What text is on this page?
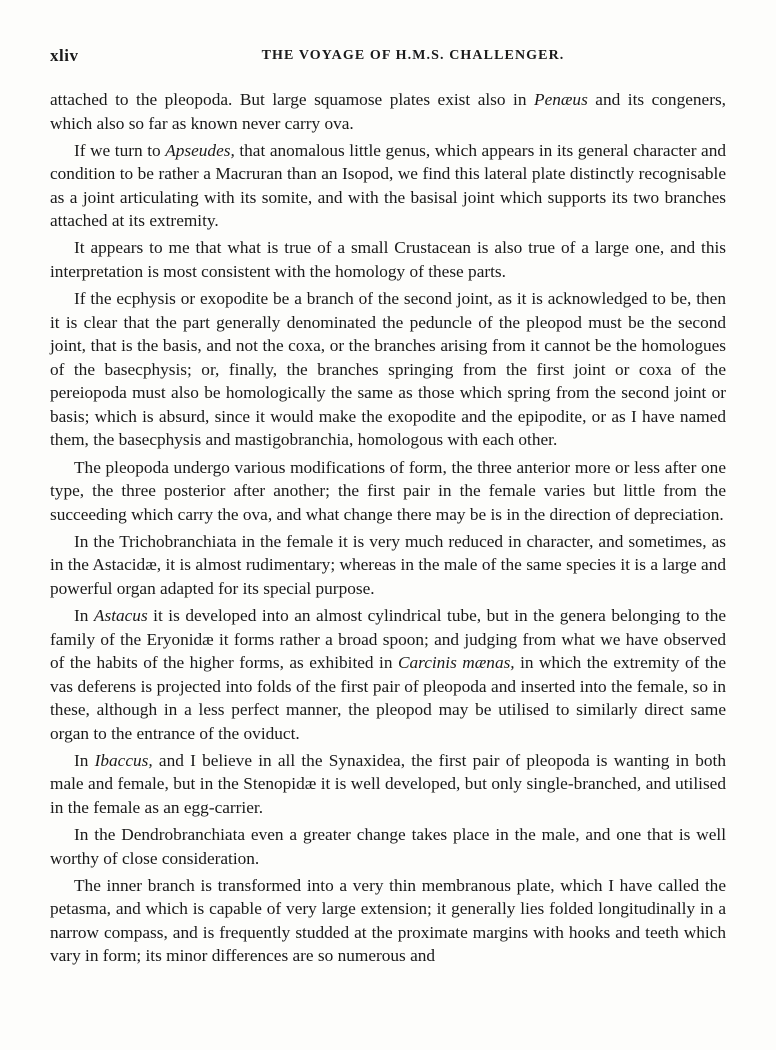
xliv	THE VOYAGE OF H.M.S. CHALLENGER.

attached to the pleopoda. But large squamose plates exist also in Penæus and its congeners, which also so far as known never carry ova.

If we turn to Apseudes, that anomalous little genus, which appears in its general character and condition to be rather a Macruran than an Isopod, we find this lateral plate distinctly recognisable as a joint articulating with its somite, and with the basisal joint which supports its two branches attached at its extremity.

It appears to me that what is true of a small Crustacean is also true of a large one, and this interpretation is most consistent with the homology of these parts.

If the ecphysis or exopodite be a branch of the second joint, as it is acknowledged to be, then it is clear that the part generally denominated the peduncle of the pleopod must be the second joint, that is the basis, and not the coxa, or the branches arising from it cannot be the homologues of the basecphysis; or, finally, the branches springing from the first joint or coxa of the pereiopoda must also be homologically the same as those which spring from the second joint or basis; which is absurd, since it would make the exopodite and the epipodite, or as I have named them, the basecphysis and mastigobranchia, homologous with each other.

The pleopoda undergo various modifications of form, the three anterior more or less after one type, the three posterior after another; the first pair in the female varies but little from the succeeding which carry the ova, and what change there may be is in the direction of depreciation.

In the Trichobranchiata in the female it is very much reduced in character, and sometimes, as in the Astacidæ, it is almost rudimentary; whereas in the male of the same species it is a large and powerful organ adapted for its special purpose.

In Astacus it is developed into an almost cylindrical tube, but in the genera belonging to the family of the Eryonidæ it forms rather a broad spoon; and judging from what we have observed of the habits of the higher forms, as exhibited in Carcinis mænas, in which the extremity of the vas deferens is projected into folds of the first pair of pleopoda and inserted into the female, so in these, although in a less perfect manner, the pleopod may be utilised to similarly direct same organ to the entrance of the oviduct.

In Ibaccus, and I believe in all the Synaxidea, the first pair of pleopoda is wanting in both male and female, but in the Stenopidæ it is well developed, but only single-branched, and utilised in the female as an egg-carrier.

In the Dendrobranchiata even a greater change takes place in the male, and one that is well worthy of close consideration.

The inner branch is transformed into a very thin membranous plate, which I have called the petasma, and which is capable of very large extension; it generally lies folded longitudinally in a narrow compass, and is frequently studded at the proximate margins with hooks and teeth which vary in form; its minor differences are so numerous and
